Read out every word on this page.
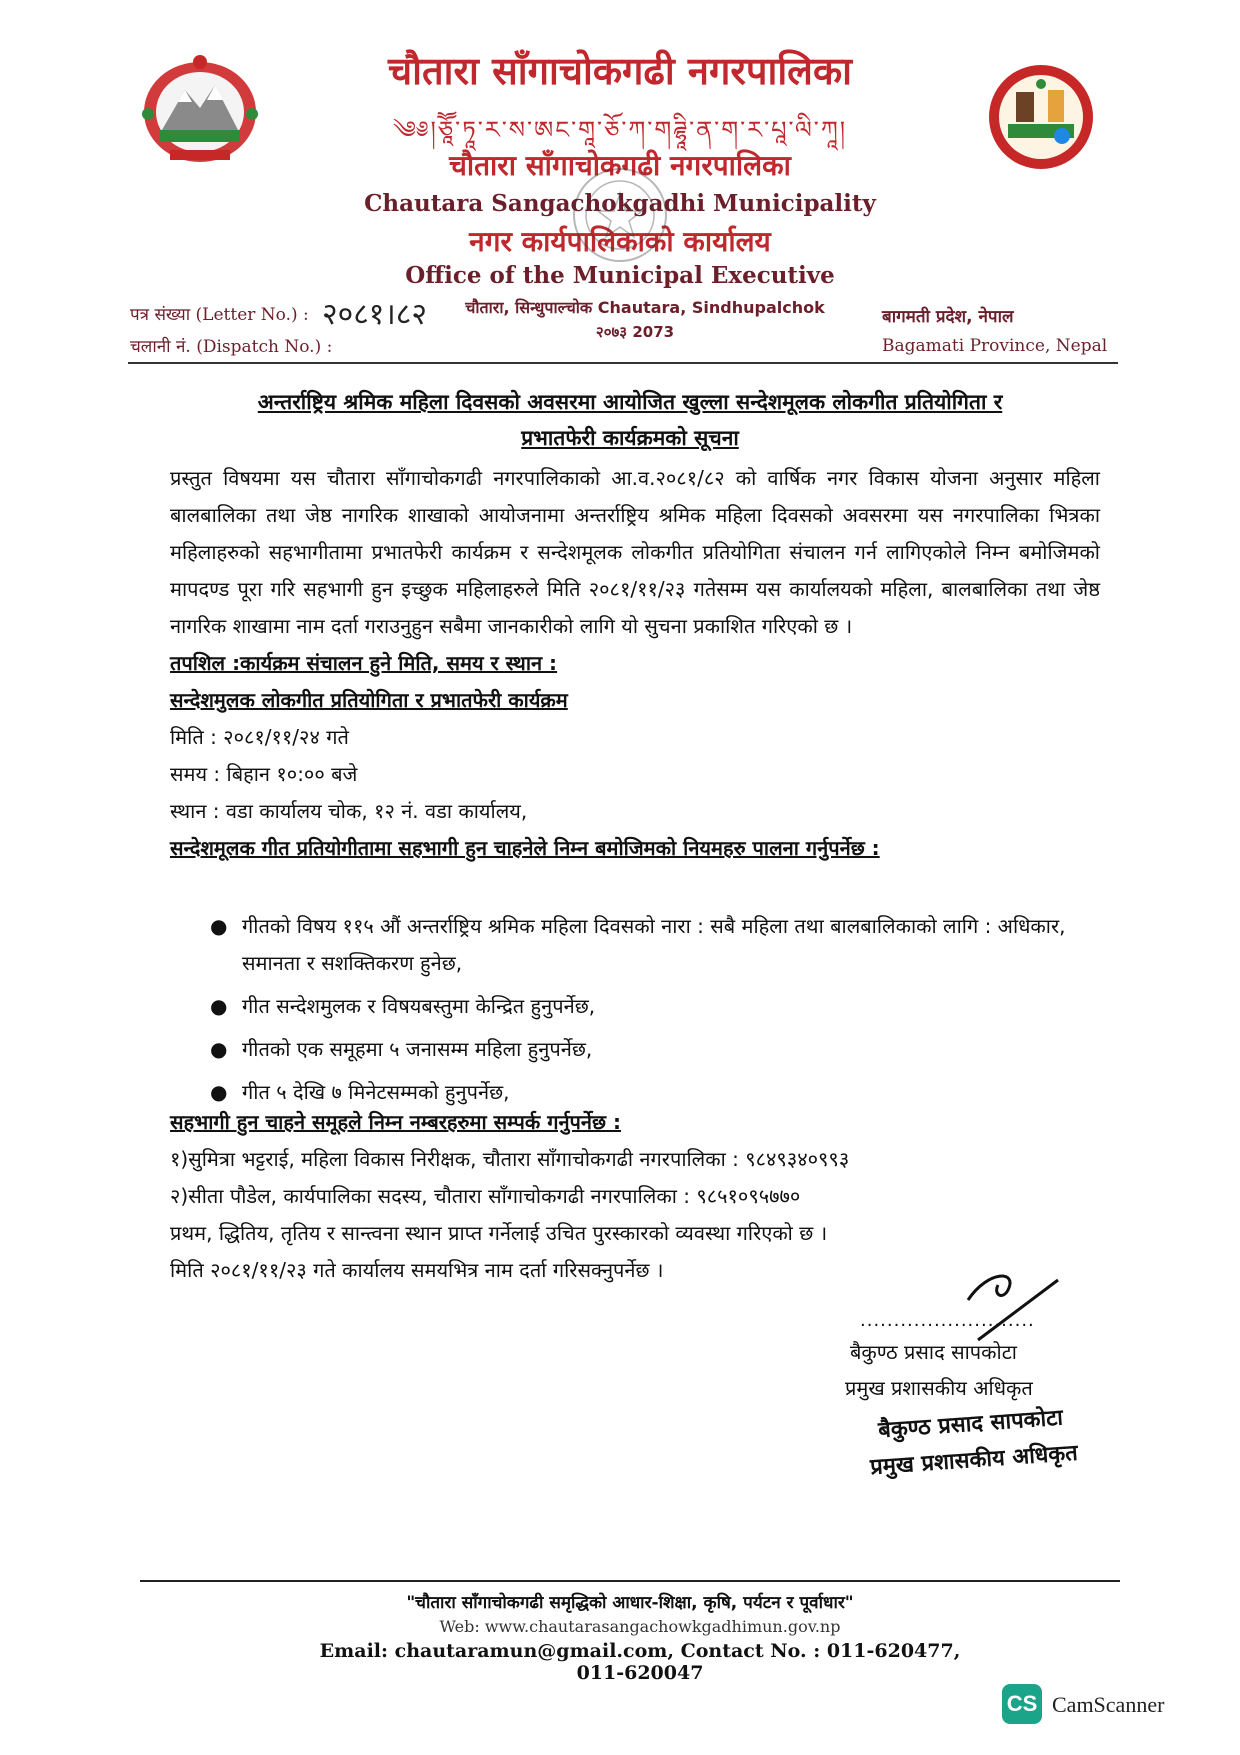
चौतारा साँगाचोकगढी नगरपालिका
༄༅།ཅཱཽ་ཏཱ་ར་ས་ཨང་གཱ་ཅོ་ཀ་གཌྷཱི་ན་ག་ར་པཱ་ལི་ཀཱ།
चौतारा साँगाचोकगढी नगरपालिका
Chautara Sangachokgadhi Municipality
नगर कार्यपालिकाको कार्यालय
Office of the Municipal Executive
चौतारा, सिन्धुपाल्चोक Chautara, Sindhupalchok
२०७३ 2073
पत्र संख्या (Letter No.) : २०८१।८२
चलानी नं. (Dispatch No.) :
बागमती प्रदेश, नेपाल
Bagamati Province, Nepal
अन्तर्राष्ट्रिय श्रमिक महिला दिवसको अवसरमा आयोजित खुल्ला सन्देशमूलक लोकगीत प्रतियोगिता र
प्रभातफेरी कार्यक्रमको सूचना
प्रस्तुत विषयमा यस चौतारा साँगाचोकगढी नगरपालिकाको आ.व.२०८१/८२ को वार्षिक नगर विकास योजना अनुसार महिला बालबालिका तथा जेष्ठ नागरिक शाखाको आयोजनामा अन्तर्राष्ट्रिय श्रमिक महिला दिवसको अवसरमा यस नगरपालिका भित्रका महिलाहरुको सहभागीतामा प्रभातफेरी कार्यक्रम र सन्देशमूलक लोकगीत प्रतियोगिता संचालन गर्न लागिएकोले निम्न बमोजिमको मापदण्ड पूरा गरि सहभागी हुन इच्छुक महिलाहरुले मिति २०८१/११/२३ गतेसम्म यस कार्यालयको महिला, बालबालिका तथा जेष्ठ नागरिक शाखामा नाम दर्ता गराउनुहुन सबैमा जानकारीको लागि यो सुचना प्रकाशित गरिएको छ ।
तपशिल :कार्यक्रम संचालन हुने मिति, समय र स्थान :
सन्देशमुलक लोकगीत प्रतियोगिता र प्रभातफेरी कार्यक्रम
मिति : २०८१/११/२४ गते
समय : बिहान १०:०० बजे
स्थान : वडा कार्यालय चोक, १२ नं. वडा कार्यालय,
सन्देशमूलक गीत प्रतियोगीतामा सहभागी हुन चाहनेले निम्न बमोजिमको नियमहरु पालना गर्नुपर्नेछ :
● गीतको विषय ११५ औं अन्तर्राष्ट्रिय श्रमिक महिला दिवसको नारा : सबै महिला तथा बालबालिकाको लागि : अधिकार, समानता र सशक्तिकरण हुनेछ,
● गीत सन्देशमुलक र विषयबस्तुमा केन्द्रित हुनुपर्नेछ,
● गीतको एक समूहमा ५ जनासम्म महिला हुनुपर्नेछ,
● गीत ५ देखि ७ मिनेटसम्मको हुनुपर्नेछ,
सहभागी हुन चाहने समूहले निम्न नम्बरहरुमा सम्पर्क गर्नुपर्नेछ :
१)सुमित्रा भट्टराई, महिला विकास निरीक्षक, चौतारा साँगाचोकगढी नगरपालिका : ९८४९३४०९९३
२)सीता पौडेल, कार्यपालिका सदस्य, चौतारा साँगाचोकगढी नगरपालिका : ९८५१०९५७७०
प्रथम, द्धितिय, तृतिय र सान्त्वना स्थान प्राप्त गर्नेलाई उचित पुरस्कारको व्यवस्था गरिएको छ ।
मिति २०८१/११/२३ गते कार्यालय समयभित्र नाम दर्ता गरिसक्नुपर्नेछ ।
..........................
बैकुण्ठ प्रसाद सापकोटा
प्रमुख प्रशासकीय अधिकृत
बैकुण्ठ प्रसाद सापकोटा
प्रमुख प्रशासकीय अधिकृत
"चौतारा साँगाचोकगढी समृद्धिको आधार-शिक्षा, कृषि, पर्यटन र पूर्वाधार"
Web: www.chautarasangachowkgadhimun.gov.np
Email: chautaramun@gmail.com, Contact No. : 011-620477, 011-620047
CS CamScanner
